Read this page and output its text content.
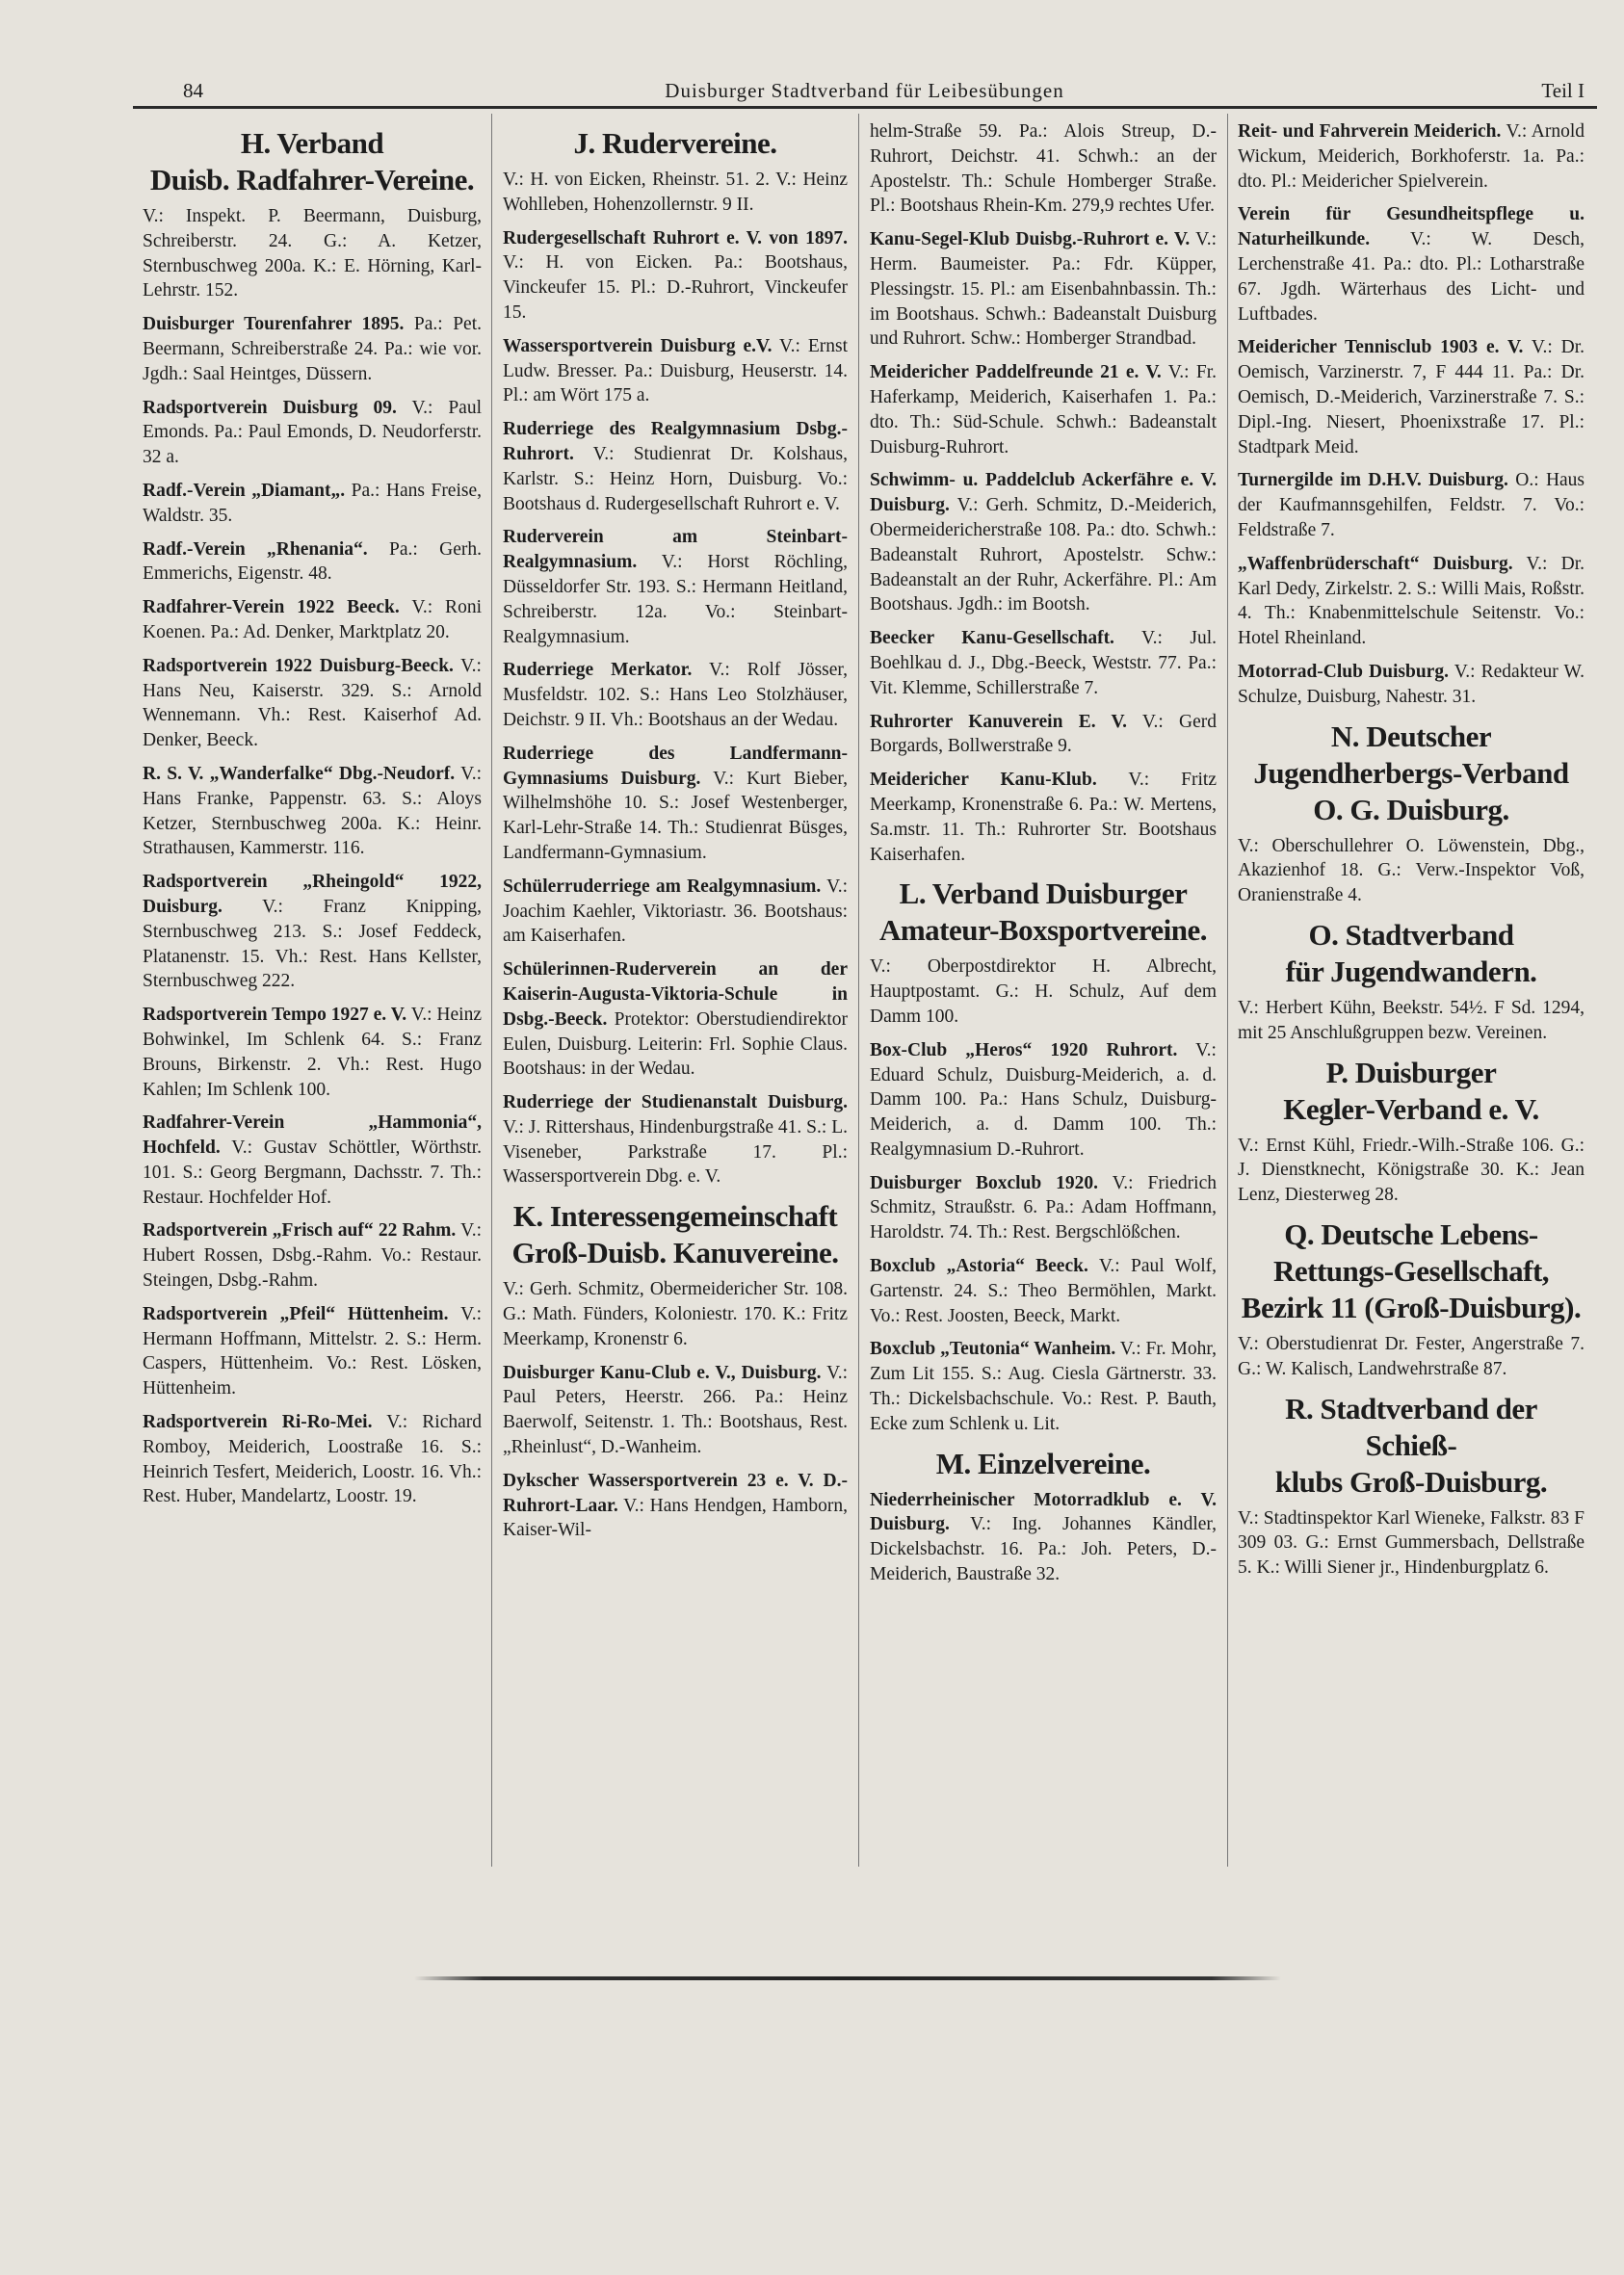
84	Duisburger Stadtverband für Leibesübungen	Teil I
H. Verband
Duisb. Radfahrer-Vereine.
V.: Inspekt. P. Beermann, Duisburg, Schreiberstr. 24. G.: A. Ketzer, Sternbuschweg 200a. K.: E. Hörning, Karl-Lehrstr. 152.
Duisburger Tourenfahrer 1895. Pa.: Pet. Beermann, Schreiberstraße 24. Pa.: wie vor. Jgdh.: Saal Heintges, Düssern.
Radsportverein Duisburg 09. V.: Paul Emonds. Pa.: Paul Emonds, D. Neudorferstr. 32 a.
Radf.-Verein „Diamant„. Pa.: Hans Freise, Waldstr. 35.
Radf.-Verein „Rhenania“. Pa.: Gerh. Emmerichs, Eigenstr. 48.
Radfahrer-Verein 1922 Beeck. V.: Roni Koenen. Pa.: Ad. Denker, Marktplatz 20.
Radsportverein 1922 Duisburg-Beeck. V.: Hans Neu, Kaiserstr. 329. S.: Arnold Wennemann. Vh.: Rest. Kaiserhof Ad. Denker, Beeck.
R. S. V. „Wanderfalke“ Dbg.-Neudorf. V.: Hans Franke, Pappenstr. 63. S.: Aloys Ketzer, Sternbuschweg 200a. K.: Heinr. Strathausen, Kammerstr. 116.
Radsportverein „Rheingold“ 1922, Duisburg. V.: Franz Knipping, Sternbuschweg 213. S.: Josef Feddeck, Platanenstr. 15. Vh.: Rest. Hans Kellster, Sternbuschweg 222.
Radsportverein Tempo 1927 e. V. V.: Heinz Bohwinkel, Im Schlenk 64. S.: Franz Brouns, Birkenstr. 2. Vh.: Rest. Hugo Kahlen; Im Schlenk 100.
Radfahrer-Verein „Hammonia“, Hochfeld. V.: Gustav Schöttler, Wörthstr. 101. S.: Georg Bergmann, Dachsstr. 7. Th.: Restaur. Hochfelder Hof.
Radsportverein „Frisch auf“ 22 Rahm. V.: Hubert Rossen, Dsbg.-Rahm. Vo.: Restaur. Steingen, Dsbg.-Rahm.
Radsportverein „Pfeil“ Hüttenheim. V.: Hermann Hoffmann, Mittelstr. 2. S.: Herm. Caspers, Hüttenheim. Vo.: Rest. Lösken, Hüttenheim.
Radsportverein Ri-Ro-Mei. V.: Richard Romboy, Meiderich, Loostraße 16. S.: Heinrich Tesfert, Meiderich, Loostr. 16. Vh.: Rest. Huber, Mandelartz, Loostr. 19.
J. Rudervereine.
V.: H. von Eicken, Rheinstr. 51. 2. V.: Heinz Wohlleben, Hohenzollernstr. 9 II.
Rudergesellschaft Ruhrort e. V. von 1897. V.: H. von Eicken. Pa.: Bootshaus, Vinckeufer 15. Pl.: D.-Ruhrort, Vinckeufer 15.
Wassersportverein Duisburg e.V. V.: Ernst Ludw. Bresser. Pa.: Duisburg, Heuserstr. 14. Pl.: am Wört 175 a.
Ruderriege des Realgymnasium Dsbg.-Ruhrort. V.: Studienrat Dr. Kolshaus, Karlstr. S.: Heinz Horn, Duisburg. Vo.: Bootshaus d. Rudergesellschaft Ruhrort e. V.
Ruderverein am Steinbart-Realgymnasium. V.: Horst Röchling, Düsseldorfer Str. 193. S.: Hermann Heitland, Schreiberstr. 12a. Vo.: Steinbart-Realgymnasium.
Ruderriege Merkator. V.: Rolf Jösser, Musfeldstr. 102. S.: Hans Leo Stolzhäuser, Deichstr. 9 II. Vh.: Bootshaus an der Wedau.
Ruderriege des Landfermann-Gymnasiums Duisburg. V.: Kurt Bieber, Wilhelmshöhe 10. S.: Josef Westenberger, Karl-Lehr-Straße 14. Th.: Studienrat Büsges, Landfermann-Gymnasium.
Schülerruderriege am Realgymnasium. V.: Joachim Kaehler, Viktoriastr. 36. Bootshaus: am Kaiserhafen.
Schülerinnen-Ruderverein an der Kaiserin-Augusta-Viktoria-Schule in Dsbg.-Beeck. Protektor: Oberstudiendirektor Eulen, Duisburg. Leiterin: Frl. Sophie Claus. Bootshaus: in der Wedau.
Ruderriege der Studienanstalt Duisburg. V.: J. Rittershaus, Hindenburgstraße 41. S.: L. Viseneber, Parkstraße 17. Pl.: Wassersportverein Dbg. e. V.
K. Interessengemeinschaft
Groß-Duisb. Kanuvereine.
V.: Gerh. Schmitz, Obermeidericher Str. 108. G.: Math. Fünders, Koloniestr. 170. K.: Fritz Meerkamp, Kronenstr 6.
Duisburger Kanu-Club e. V., Duisburg. V.: Paul Peters, Heerstr. 266. Pa.: Heinz Baerwolf, Seitenstr. 1. Th.: Bootshaus, Rest. „Rheinlust“, D.-Wanheim.
Dykscher Wassersportverein 23 e. V. D.-Ruhrort-Laar. V.: Hans Hendgen, Hamborn, Kaiser-Wil-
helm-Straße 59. Pa.: Alois Streup, D.-Ruhrort, Deichstr. 41. Schwh.: an der Apostelstr. Th.: Schule Homberger Straße. Pl.: Bootshaus Rhein-Km. 279,9 rechtes Ufer.
Kanu-Segel-Klub Duisbg.-Ruhrort e. V. V.: Herm. Baumeister. Pa.: Fdr. Küpper, Plessingstr. 15. Pl.: am Eisenbahnbassin. Th.: im Bootshaus. Schwh.: Badeanstalt Duisburg und Ruhrort. Schw.: Homberger Strandbad.
Meidericher Paddelfreunde 21 e. V. V.: Fr. Haferkamp, Meiderich, Kaiserhafen 1. Pa.: dto. Th.: Süd-Schule. Schwh.: Badeanstalt Duisburg-Ruhrort.
Schwimm- u. Paddelclub Ackerfähre e. V. Duisburg. V.: Gerh. Schmitz, D.-Meiderich, Obermeidericherstraße 108. Pa.: dto. Schwh.: Badeanstalt Ruhrort, Apostelstr. Schw.: Badeanstalt an der Ruhr, Ackerfähre. Pl.: Am Bootshaus. Jgdh.: im Bootsh.
Beecker Kanu-Gesellschaft. V.: Jul. Boehlkau d. J., Dbg.-Beeck, Weststr. 77. Pa.: Vit. Klemme, Schillerstraße 7.
Ruhrorter Kanuverein E. V. V.: Gerd Borgards, Bollwerstraße 9.
Meidericher Kanu-Klub. V.: Fritz Meerkamp, Kronenstraße 6. Pa.: W. Mertens, Sa.mstr. 11. Th.: Ruhrorter Str. Bootshaus Kaiserhafen.
L. Verband Duisburger
Amateur-Boxsportvereine.
V.: Oberpostdirektor H. Albrecht, Hauptpostamt. G.: H. Schulz, Auf dem Damm 100.
Box-Club „Heros“ 1920 Ruhrort. V.: Eduard Schulz, Duisburg-Meiderich, a. d. Damm 100. Pa.: Hans Schulz, Duisburg-Meiderich, a. d. Damm 100. Th.: Realgymnasium D.-Ruhrort.
Duisburger Boxclub 1920. V.: Friedrich Schmitz, Straußstr. 6. Pa.: Adam Hoffmann, Haroldstr. 74. Th.: Rest. Bergschlößchen.
Boxclub „Astoria“ Beeck. V.: Paul Wolf, Gartenstr. 24. S.: Theo Bermöhlen, Markt. Vo.: Rest. Joosten, Beeck, Markt.
Boxclub „Teutonia“ Wanheim. V.: Fr. Mohr, Zum Lit 155. S.: Aug. Ciesla Gärtnerstr. 33. Th.: Dickelsbachschule. Vo.: Rest. P. Bauth, Ecke zum Schlenk u. Lit.
M. Einzelvereine.
Niederrheinischer Motorradklub e. V. Duisburg. V.: Ing. Johannes Kändler, Dickelsbachstr. 16. Pa.: Joh. Peters, D.-Meiderich, Baustraße 32.
Reit- und Fahrverein Meiderich. V.: Arnold Wickum, Meiderich, Borkhoferstr. 1a. Pa.: dto. Pl.: Meidericher Spielverein.
Verein für Gesundheitspflege u. Naturheilkunde. V.: W. Desch, Lerchenstraße 41. Pa.: dto. Pl.: Lotharstraße 67. Jgdh. Wärterhaus des Licht- und Luftbades.
Meidericher Tennisclub 1903 e. V. V.: Dr. Oemisch, Varzinerstr. 7, F 444 11. Pa.: Dr. Oemisch, D.-Meiderich, Varzinerstraße 7. S.: Dipl.-Ing. Niesert, Phoenixstraße 17. Pl.: Stadtpark Meid.
Turnergilde im D.H.V. Duisburg. O.: Haus der Kaufmannsgehilfen, Feldstr. 7. Vo.: Feldstraße 7.
„Waffenbrüderschaft“ Duisburg. V.: Dr. Karl Dedy, Zirkelstr. 2. S.: Willi Mais, Roßstr. 4. Th.: Knabenmittelschule Seitenstr. Vo.: Hotel Rheinland.
Motorrad-Club Duisburg. V.: Redakteur W. Schulze, Duisburg, Nahestr. 31.
N. Deutscher
Jugendherbergs-Verband
O. G. Duisburg.
V.: Oberschullehrer O. Löwenstein, Dbg., Akazienhof 18. G.: Verw.-Inspektor Voß, Oranienstraße 4.
O. Stadtverband
für Jugendwandern.
V.: Herbert Kühn, Beekstr. 54½. F Sd. 1294, mit 25 Anschlußgruppen bezw. Vereinen.
P. Duisburger
Kegler-Verband e. V.
V.: Ernst Kühl, Friedr.-Wilh.-Straße 106. G.: J. Dienstknecht, Königstraße 30. K.: Jean Lenz, Diesterweg 28.
Q. Deutsche Lebens-
Rettungs-Gesellschaft,
Bezirk 11 (Groß-Duisburg).
V.: Oberstudienrat Dr. Fester, Angerstraße 7. G.: W. Kalisch, Landwehrstraße 87.
R. Stadtverband der Schieß-
klubs Groß-Duisburg.
V.: Stadtinspektor Karl Wieneke, Falkstr. 83 F 309 03. G.: Ernst Gummersbach, Dellstraße 5. K.: Willi Siener jr., Hindenburgplatz 6.
